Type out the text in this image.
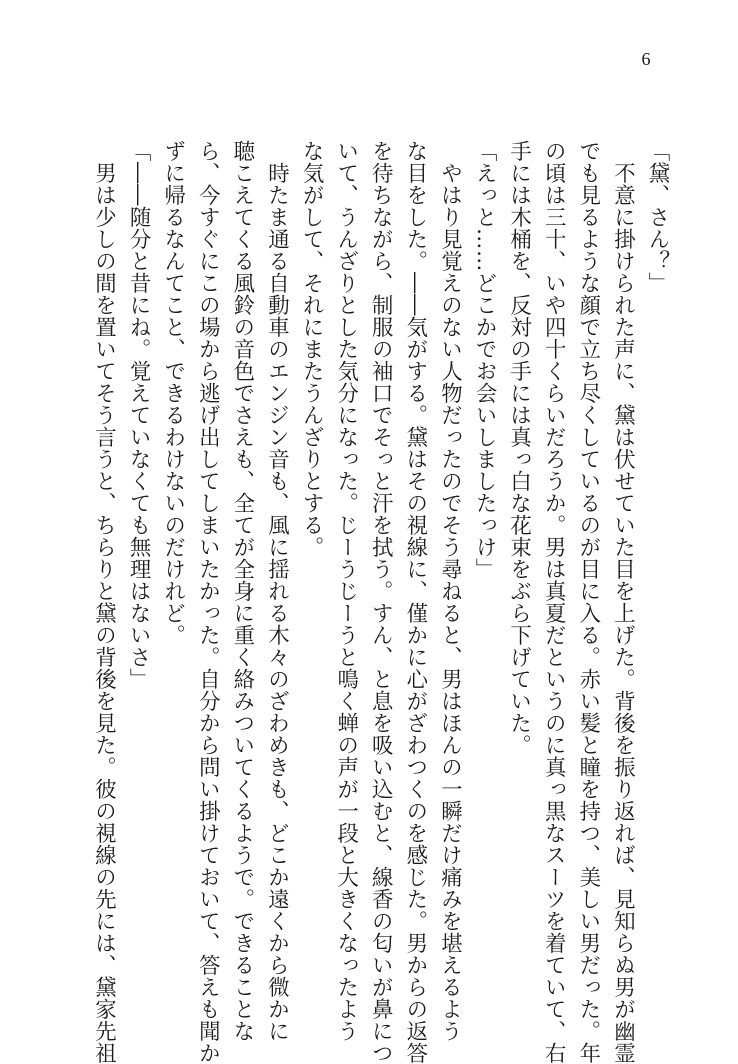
6
「黛、さん？」
　不意に掛けられた声に、黛は伏せていた目を上げた。背後を振り返れば、見知らぬ男が幽霊
でも見るような顔で立ち尽くしているのが目に入る。赤い髪と瞳を持つ、美しい男だった。年
の頃は三十、いや四十くらいだろうか。男は真夏だというのに真っ黒なスーツを着ていて、右
手には木桶を、反対の手には真っ白な花束をぶら下げていた。
「えっと……どこかでお会いしましたっけ」
　やはり見覚えのない人物だったのでそう尋ねると、男はほんの一瞬だけ痛みを堪えるよう
な目をした。――気がする。黛はその視線に、僅かに心がざわつくのを感じた。男からの返答
を待ちながら、制服の袖口でそっと汗を拭う。すん、と息を吸い込むと、線香の匂いが鼻につ
いて、うんざりとした気分になった。じーうじーうと鳴く蝉の声が一段と大きくなったよう
な気がして、それにまたうんざりとする。
　時たま通る自動車のエンジン音も、風に揺れる木々のざわめきも、どこか遠くから微かに
聴こえてくる風鈴の音色でさえも、全てが全身に重く絡みついてくるようで。できることな
ら、今すぐにこの場から逃げ出してしまいたかった。自分から問い掛けておいて、答えも聞か
ずに帰るなんてこと、できるわけないのだけれど。
「――随分と昔にね。覚えていなくても無理はないさ」
　男は少しの間を置いてそう言うと、ちらりと黛の背後を見た。彼の視線の先には、黛家先祖
